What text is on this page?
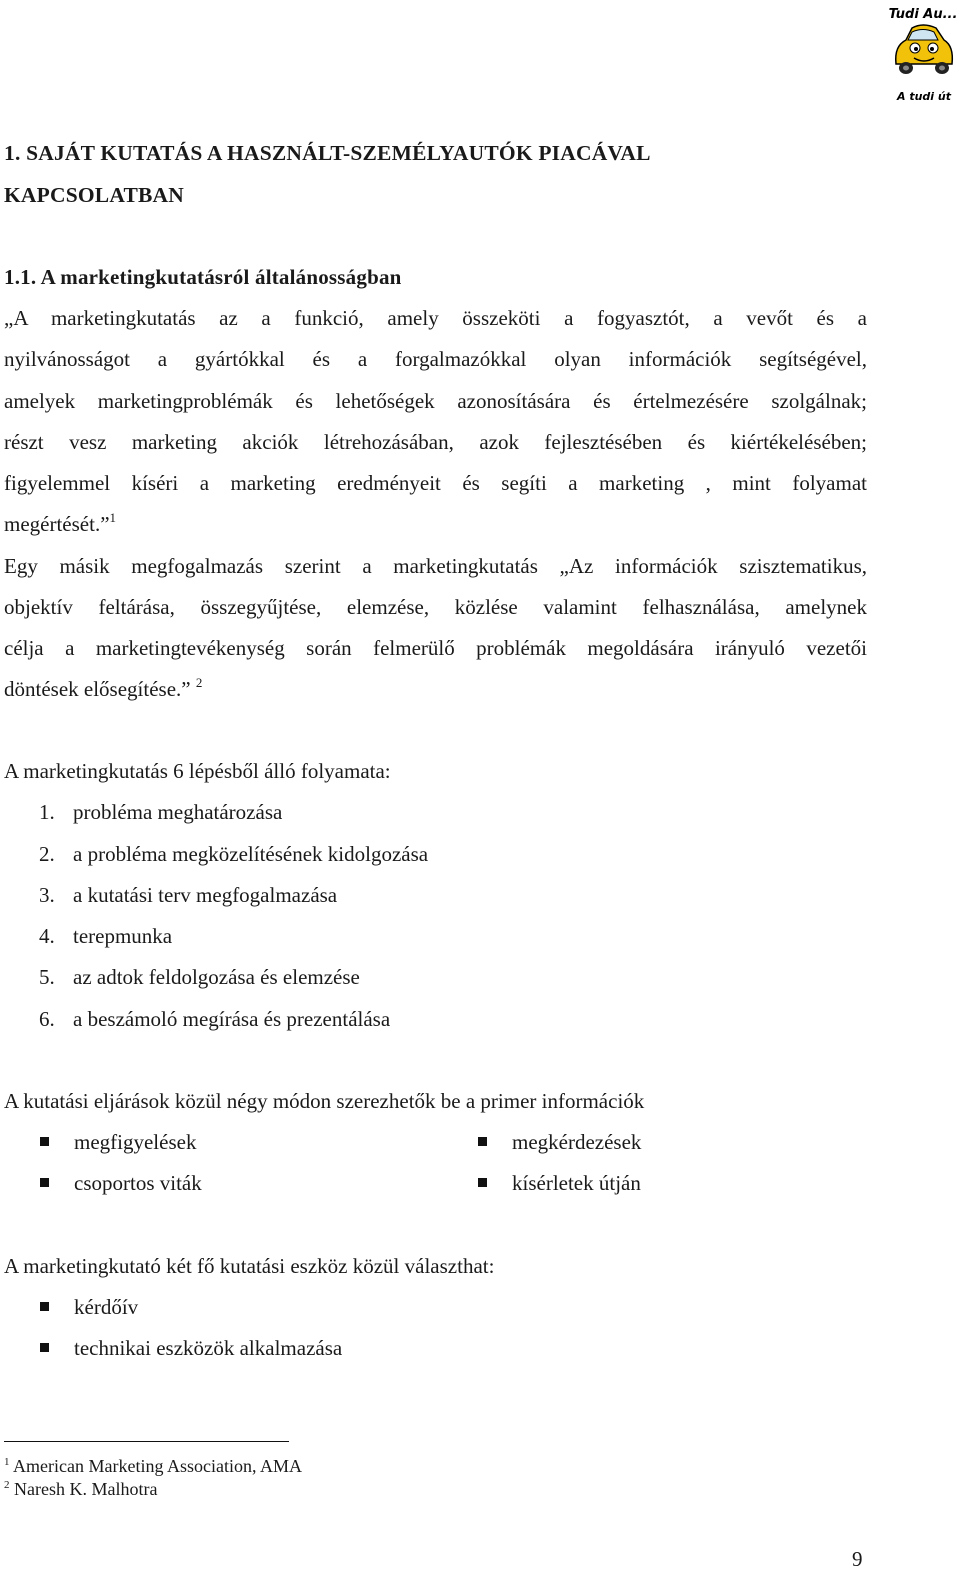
Tudi Au...
A tudi út
1. SAJÁT KUTATÁS A HASZNÁLT-SZEMÉLYAUTÓK PIACÁVAL
KAPCSOLATBAN
1.1. A marketingkutatásról általánosságban
„A marketingkutatás az a funkció, amely összeköti a fogyasztót, a vevőt és a
nyilvánosságot a gyártókkal és a forgalmazókkal olyan információk segítségével,
amelyek marketingproblémák és lehetőségek azonosítására és értelmezésére szolgálnak;
részt vesz marketing akciók létrehozásában, azok fejlesztésében és kiértékelésében;
figyelemmel kíséri a marketing eredményeit és segíti a marketing , mint folyamat
megértését.”$^1$
Egy másik megfogalmazás szerint a marketingkutatás „Az információk szisztematikus,
objektív feltárása, összegyűjtése, elemzése, közlése valamint felhasználása, amelynek
célja a marketingtevékenység során felmerülő problémák megoldására irányuló vezetői
döntések elősegítése.” $^2$
A marketingkutatás 6 lépésből álló folyamata:
1. probléma meghatározása
2. a probléma megközelítésének kidolgozása
3. a kutatási terv megfogalmazása
4. terepmunka
5. az adtok feldolgozása és elemzése
6. a beszámoló megírása és prezentálása
A kutatási eljárások közül négy módon szerezhetők be a primer információk
megfigyelések	megkérdezések
csoportos viták	kísérletek útján
A marketingkutató két fő kutatási eszköz közül választhat:
kérdőív
technikai eszközök alkalmazása
$^1$ American Marketing Association, AMA
$^2$ Naresh K. Malhotra
9
